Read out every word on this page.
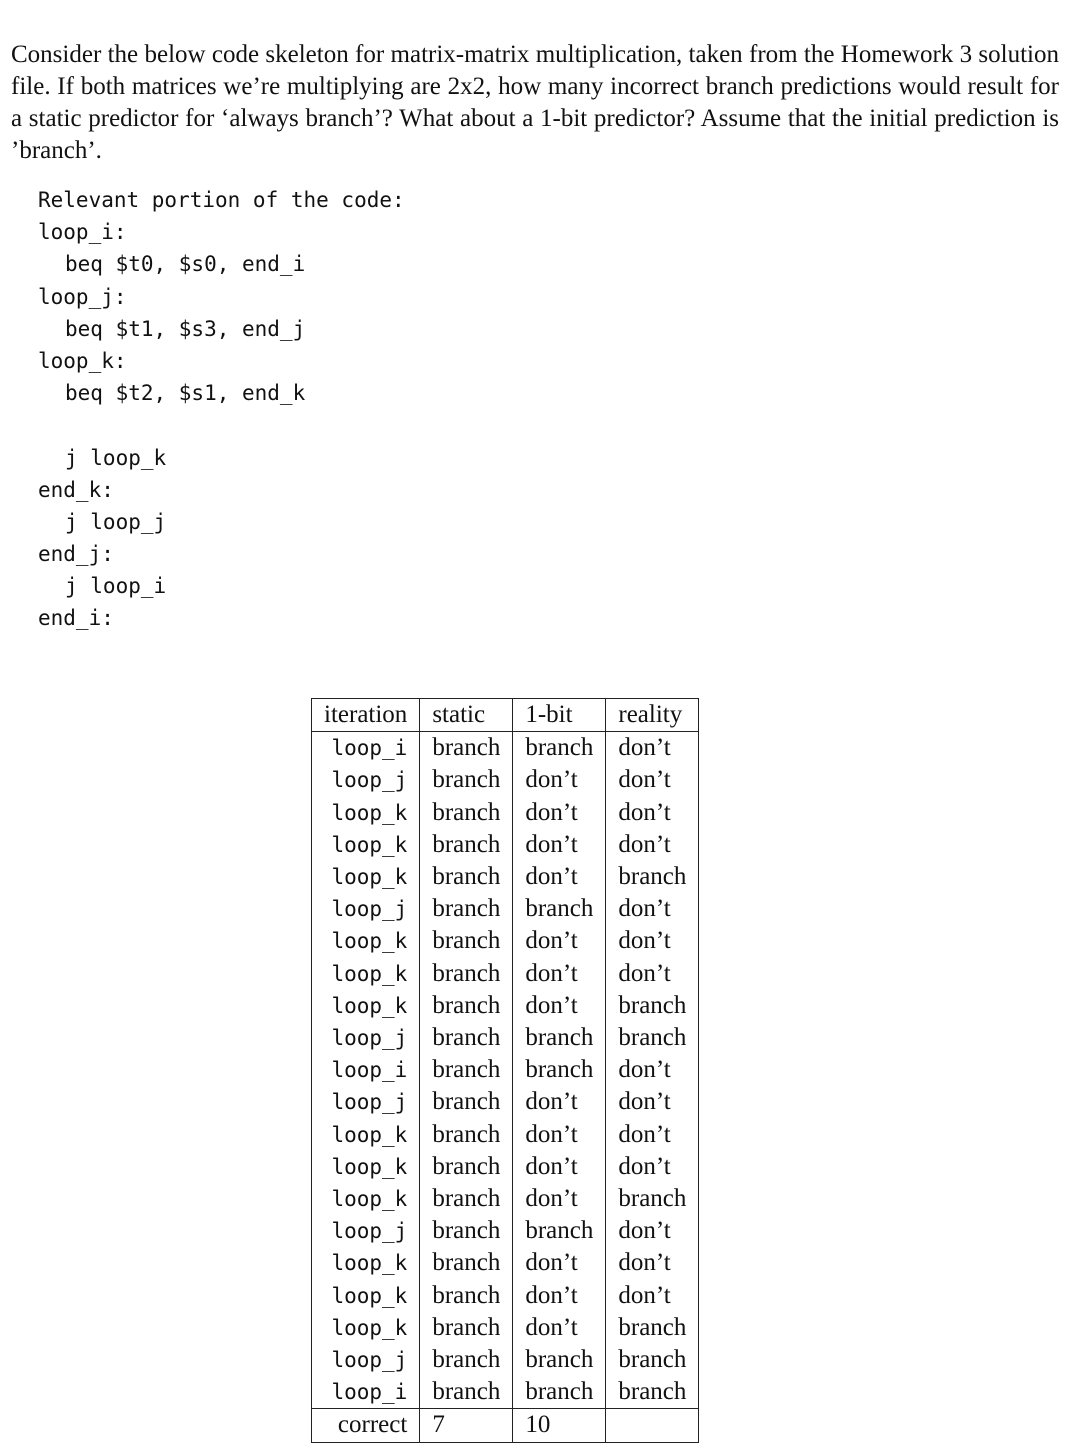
Consider the below code skeleton for matrix-matrix multiplication, taken from the Homework 3 solution file. If both matrices we’re multiplying are 2x2, how many incorrect branch predictions would result for a static predictor for ‘always branch’? What about a 1-bit predictor? Assume that the initial prediction is ’branch’.

Relevant portion of the code:
loop_i:
beq $t0, $s0, end_i
loop_j:
beq $t1, $s3, end_j
loop_k:
beq $t2, $s1, end_k
j loop_k
end_k:
j loop_j
end_j:
j loop_i
end_i:
iteration	static	1-bit	reality
loop_i	branch	branch	don’t
loop_j	branch	don’t	don’t
loop_k	branch	don’t	don’t
loop_k	branch	don’t	don’t
loop_k	branch	don’t	branch
loop_j	branch	branch	don’t
loop_k	branch	don’t	don’t
loop_k	branch	don’t	don’t
loop_k	branch	don’t	branch
loop_j	branch	branch	branch
loop_i	branch	branch	don’t
loop_j	branch	don’t	don’t
loop_k	branch	don’t	don’t
loop_k	branch	don’t	don’t
loop_k	branch	don’t	branch
loop_j	branch	branch	don’t
loop_k	branch	don’t	don’t
loop_k	branch	don’t	don’t
loop_k	branch	don’t	branch
loop_j	branch	branch	branch
loop_i	branch	branch	branch
correct	7	10	
